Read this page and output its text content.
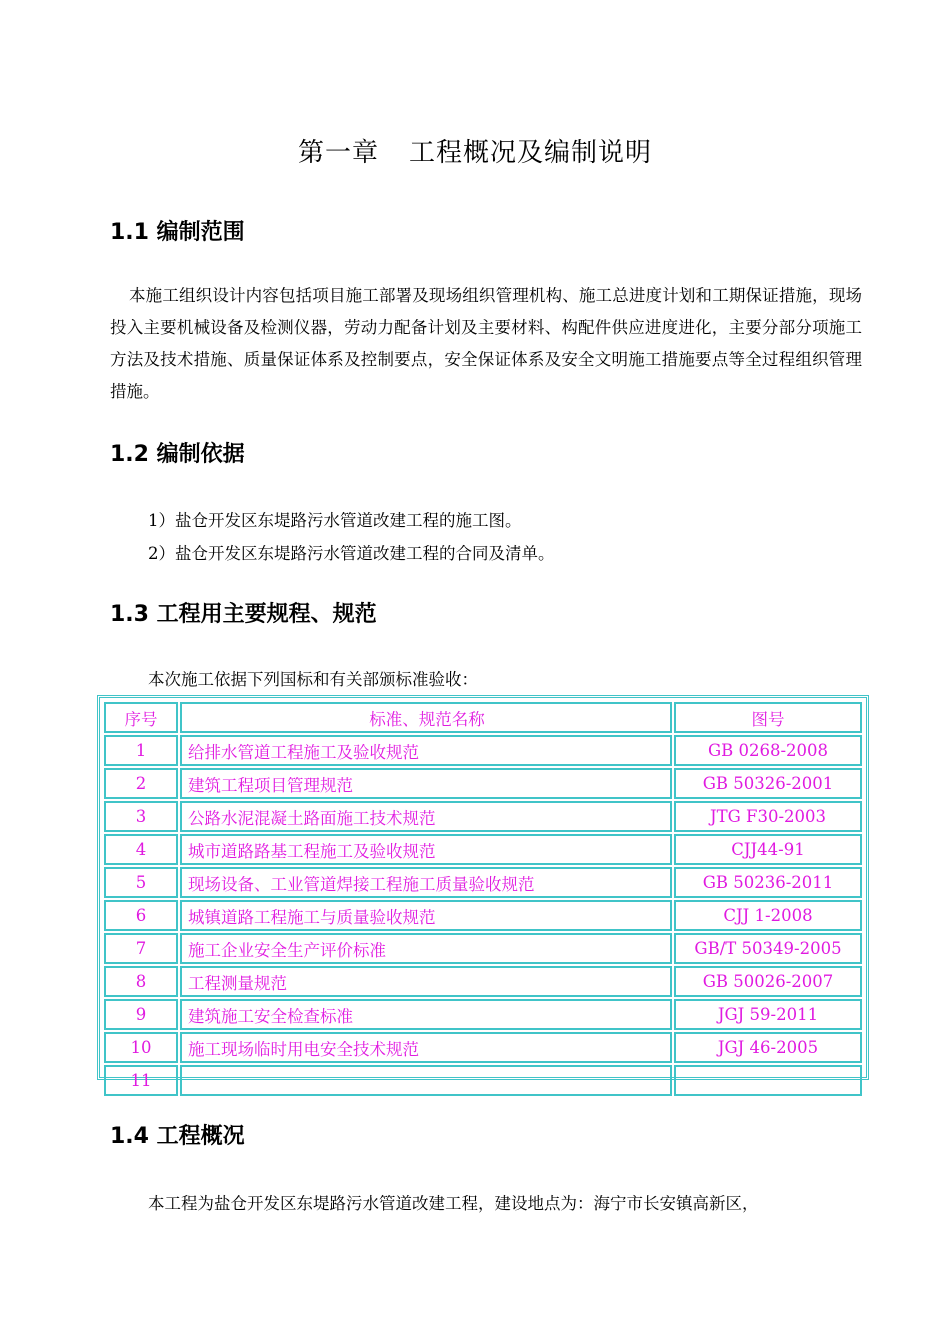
第一章 工程概况及编制说明
1.1 编制范围
本施工组织设计内容包括项目施工部署及现场组织管理机构、施工总进度计划和工期保证措施，现场投入主要机械设备及检测仪器，劳动力配备计划及主要材料、构配件供应进度进化，主要分部分项施工方法及技术措施、质量保证体系及控制要点，安全保证体系及安全文明施工措施要点等全过程组织管理措施。
1.2 编制依据
1）盐仓开发区东堤路污水管道改建工程的施工图。
2）盐仓开发区东堤路污水管道改建工程的合同及清单。
1.3 工程用主要规程、规范
本次施工依据下列国标和有关部颁标准验收：
序号	标准、规范名称	图号
1	给排水管道工程施工及验收规范	GB 0268-2008
2	建筑工程项目管理规范	GB 50326-2001
3	公路水泥混凝土路面施工技术规范	JTG F30-2003
4	城市道路路基工程施工及验收规范	CJJ44-91
5	现场设备、工业管道焊接工程施工质量验收规范	GB 50236-2011
6	城镇道路工程施工与质量验收规范	CJJ 1-2008
7	施工企业安全生产评价标准	GB/T 50349-2005
8	工程测量规范	GB 50026-2007
9	建筑施工安全检查标准	JGJ 59-2011
10	施工现场临时用电安全技术规范	JGJ 46-2005
11		
1.4 工程概况
本工程为盐仓开发区东堤路污水管道改建工程，建设地点为：海宁市长安镇高新区，
